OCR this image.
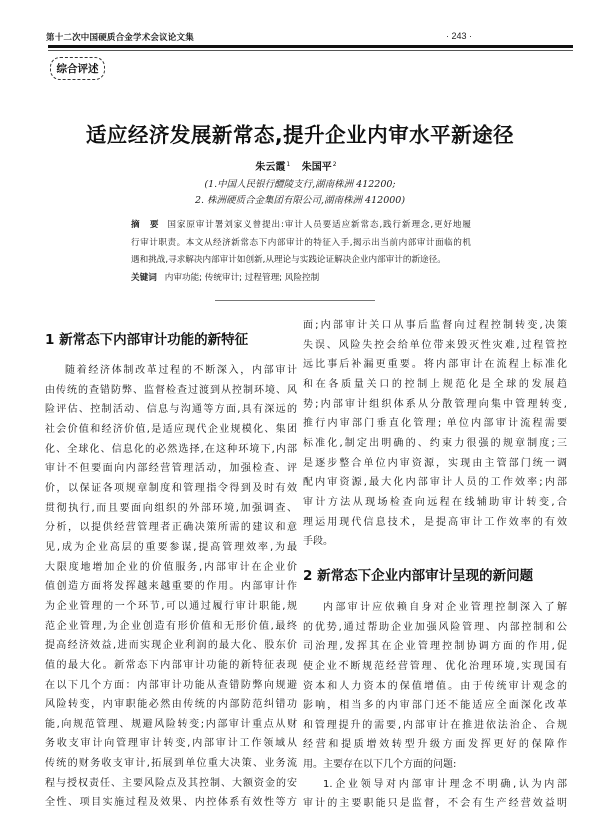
第十二次中国硬质合金学术会议论文集	· 243 ·
综合评述
适应经济发展新常态,提升企业内审水平新途径
朱云霞$^1$ 朱国平$^2$
(1.中国人民银行醴陵支行,湖南株洲 412200;
2. 株洲硬质合金集团有限公司,湖南株洲 412000)
摘　要 国家原审计署刘家义曾提出:审计人员要适应新常态,践行新理念,更好地履
行审计职责。本文从经济新常态下内部审计的特征入手,揭示出当前内部审计面临的机
遇和挑战,寻求解决内部审计如创新,从理论与实践论证解决企业内部审计的新途径。
关键词 内审功能; 传统审计; 过程管理; 风险控制
1 新常态下内部审计功能的新特征
随着经济体制改革过程的不断深入，内部审计
由传统的查错防弊、监督检查过渡到从控制环境、风
险评估、控制活动、信息与沟通等方面,具有深远的
社会价值和经济价值,是适应现代企业规模化、集团
化、全球化、信息化的必然选择,在这种环境下,内部
审计不但要面向内部经营管理活动，加强检查、评
价，以保证各项规章制度和管理指令得到及时有效
贯彻执行,而且要面向组织的外部环境,加强调查、
分析，以提供经营管理者正确决策所需的建议和意
见,成为企业高层的重要参谋,提高管理效率,为最
大限度地增加企业的价值服务,内部审计在企业价
值创造方面将发挥越来越重要的作用。内部审计作
为企业管理的一个环节,可以通过履行审计职能,规
范企业管理,为企业创造有形价值和无形价值,最终
提高经济效益,进而实现企业利润的最大化、股东价
值的最大化。新常态下内部审计功能的新特征表现
在以下几个方面：内部审计功能从查错防弊向规避
风险转变，内审职能必然由传统的内部防范纠错功
能,向规范管理、规避风险转变;内部审计重点从财
务收支审计向管理审计转变,内部审计工作领域从
传统的财务收支审计,拓展到单位重大决策、业务流
程与授权责任、主要风险点及其控制、大额资金的安
全性、项目实施过程及效果、内控体系有效性等方
面;内部审计关口从事后监督向过程控制转变,决策
失误、风险失控会给单位带来毁灭性灾难,过程管控
远比事后补漏更重要。将内部审计在流程上标准化
和在各质量关口的控制上规范化是全球的发展趋
势;内部审计组织体系从分散管理向集中管理转变,
推行内审部门垂直化管理; 单位内部审计流程需要
标准化,制定出明确的、约束力很强的规章制度;三
是逐步整合单位内审资源，实现由主管部门统一调
配内审资源,最大化内部审计人员的工作效率;内部
审计方法从现场检查向远程在线辅助审计转变,合
理运用现代信息技术，是提高审计工作效率的有效
手段。
2 新常态下企业内部审计呈现的新问题
内部审计应依赖自身对企业管理控制深入了解
的优势,通过帮助企业加强风险管理、内部控制和公
司治理,发挥其在企业管理控制协调方面的作用,促
使企业不断规范经营管理、优化治理环境,实现国有
资本和人力资本的保值增值。由于传统审计观念的
影响，相当多的内审部门还不能适应全面深化改革
和管理提升的需要,内部审计在推进依法治企、合规
经营和提质增效转型升级方面发挥更好的保障作
用。主要存在以下几个方面的问题:
1.企业领导对内部审计理念不明确,认为内部
审计的主要职能只是监督，不会有生产经营效益明
